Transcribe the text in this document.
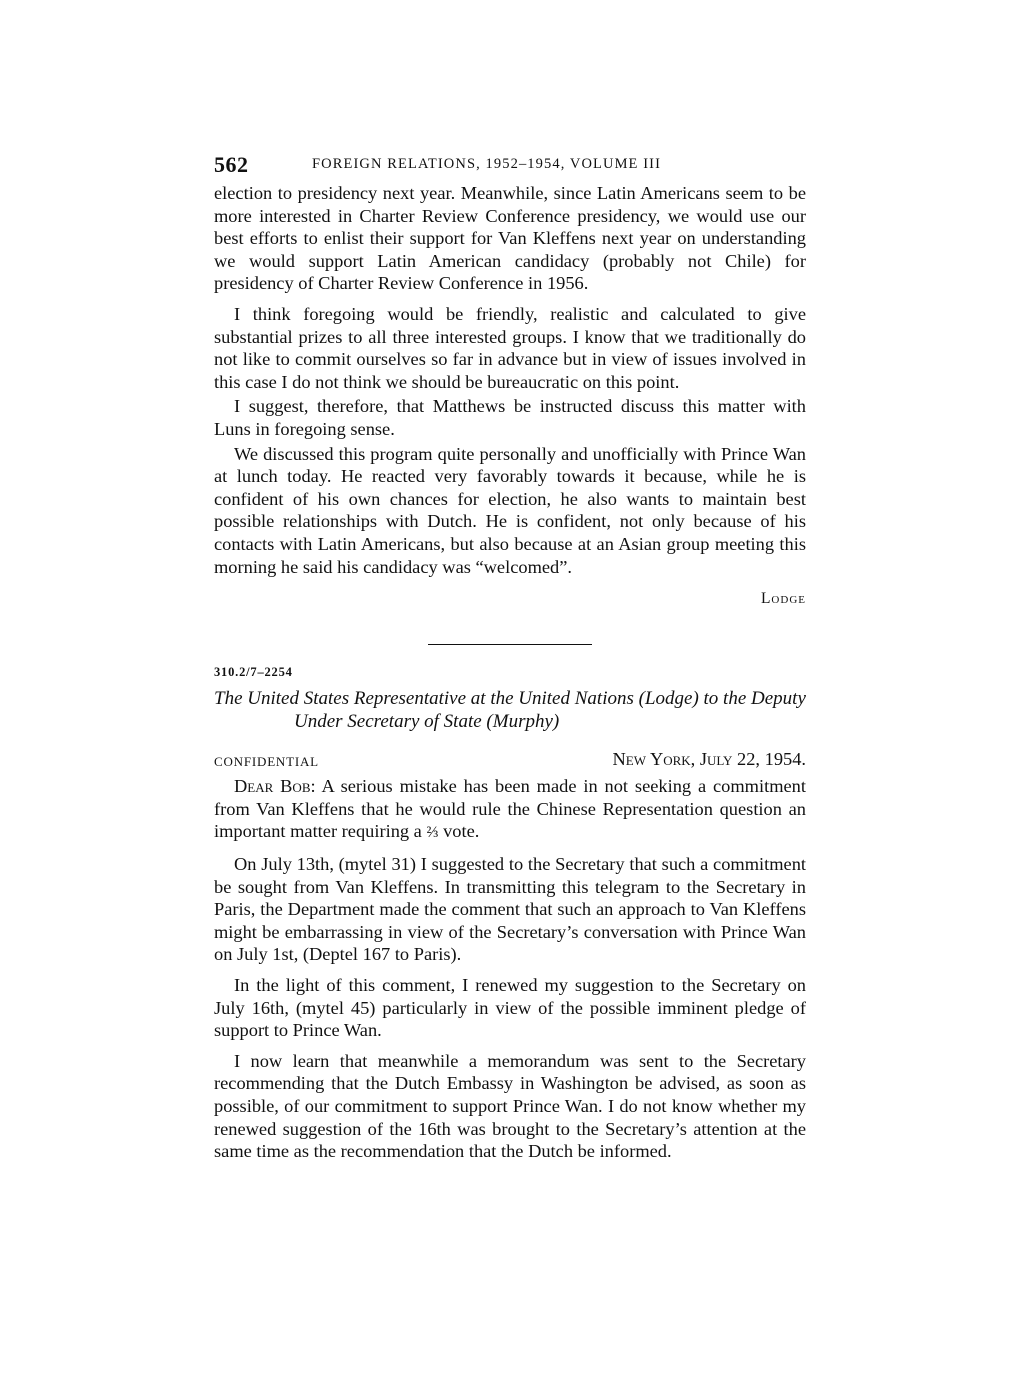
562	FOREIGN RELATIONS, 1952–1954, VOLUME III

election to presidency next year. Meanwhile, since Latin Americans seem to be more interested in Charter Review Conference presidency, we would use our best efforts to enlist their support for Van Kleffens next year on understanding we would support Latin American candidacy (probably not Chile) for presidency of Charter Review Conference in 1956.

I think foregoing would be friendly, realistic and calculated to give substantial prizes to all three interested groups. I know that we traditionally do not like to commit ourselves so far in advance but in view of issues involved in this case I do not think we should be bureaucratic on this point.

I suggest, therefore, that Matthews be instructed discuss this matter with Luns in foregoing sense.

We discussed this program quite personally and unofficially with Prince Wan at lunch today. He reacted very favorably towards it because, while he is confident of his own chances for election, he also wants to maintain best possible relationships with Dutch. He is confident, not only because of his contacts with Latin Americans, but also because at an Asian group meeting this morning he said his candidacy was “welcomed”.

Lodge
310.2/7–2254
The United States Representative at the United Nations (Lodge) to the Deputy Under Secretary of State (Murphy)
CONFIDENTIAL	New York, July 22, 1954.

Dear Bob: A serious mistake has been made in not seeking a commitment from Van Kleffens that he would rule the Chinese Representation question an important matter requiring a ⅔ vote.

On July 13th, (mytel 31) I suggested to the Secretary that such a commitment be sought from Van Kleffens. In transmitting this telegram to the Secretary in Paris, the Department made the comment that such an approach to Van Kleffens might be embarrassing in view of the Secretary’s conversation with Prince Wan on July 1st, (Deptel 167 to Paris).

In the light of this comment, I renewed my suggestion to the Secretary on July 16th, (mytel 45) particularly in view of the possible imminent pledge of support to Prince Wan.

I now learn that meanwhile a memorandum was sent to the Secretary recommending that the Dutch Embassy in Washington be advised, as soon as possible, of our commitment to support Prince Wan. I do not know whether my renewed suggestion of the 16th was brought to the Secretary’s attention at the same time as the recommendation that the Dutch be informed.
